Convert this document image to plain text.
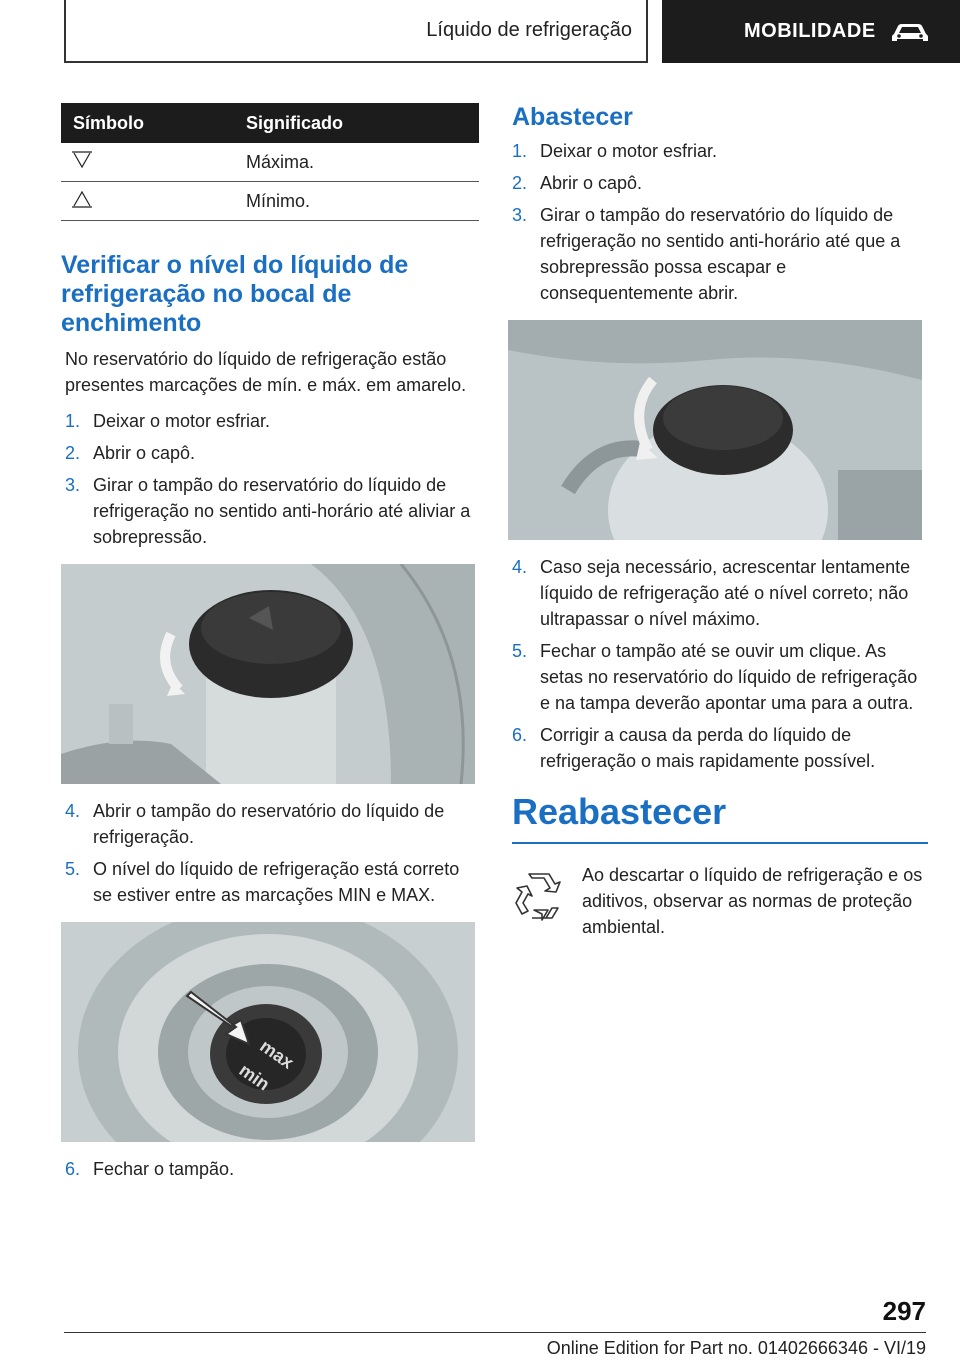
Líquido de refrigeração	MOBILIDADE
Símbolo	Significado
	Máxima.
	Mínimo.
Verificar o nível do líquido de refrigeração no bocal de enchimento

No reservatório do líquido de refrigeração estão presentes marcações de mín. e máx. em amarelo.

1. Deixar o motor esfriar.
2. Abrir o capô.
3. Girar o tampão do reservatório do líquido de refrigeração no sentido anti-horário até aliviar a sobrepressão.
4. Abrir o tampão do reservatório do líquido de refrigeração.
5. O nível do líquido de refrigeração está correto se estiver entre as marcações MIN e MAX.
max
min
6. Fechar o tampão.
Abastecer
1. Deixar o motor esfriar.
2. Abrir o capô.
3. Girar o tampão do reservatório do líquido de refrigeração no sentido anti-horário até que a sobrepressão possa escapar e consequentemente abrir.
4. Caso seja necessário, acrescentar lentamente líquido de refrigeração até o nível correto; não ultrapassar o nível máximo.
5. Fechar o tampão até se ouvir um clique. As setas no reservatório do líquido de refrigeração e na tampa deverão apontar uma para a outra.
6. Corrigir a causa da perda do líquido de refrigeração o mais rapidamente possível.
Reabastecer
Ao descartar o líquido de refrigeração e os aditivos, observar as normas de proteção ambiental.
297
Online Edition for Part no. 01402666346 - VI/19
